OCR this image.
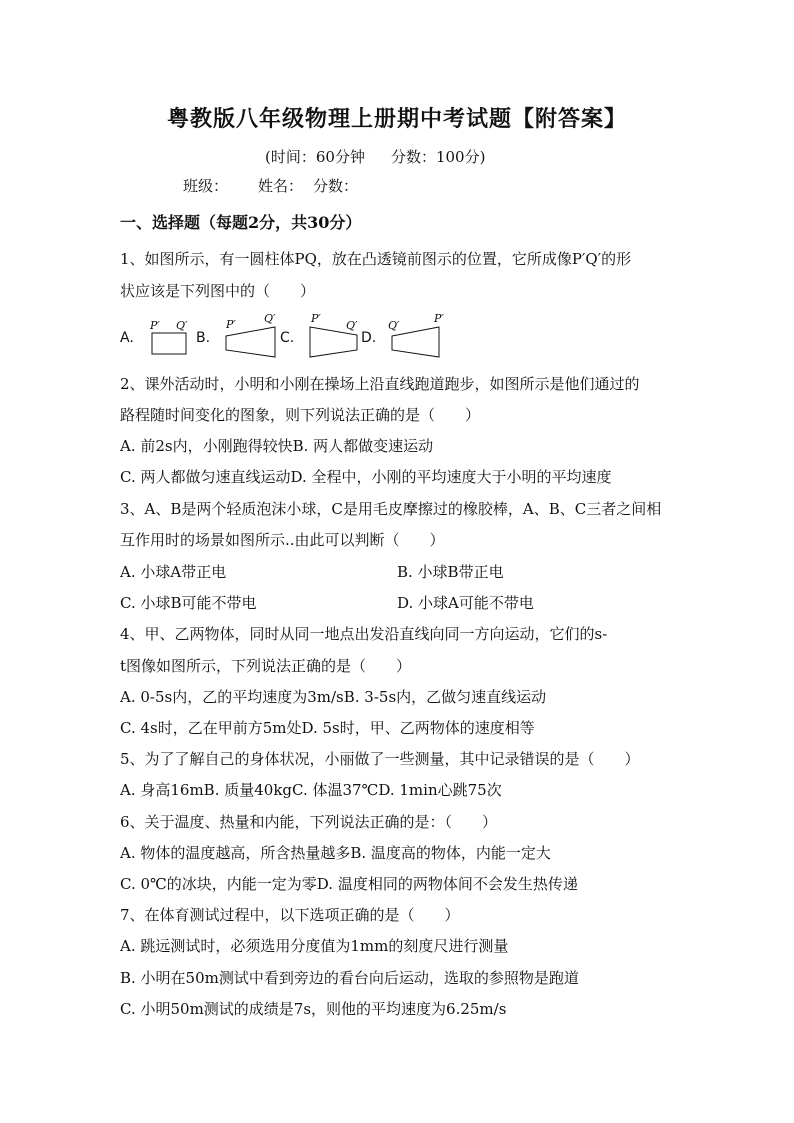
粤教版八年级物理上册期中考试题【附答案】
(时间：60分钟 分数：100分)
班级： 姓名： 分数：
一、选择题（每题2分，共30分）
1、如图所示，有一圆柱体PQ，放在凸透镜前图示的位置，它所成像P′Q′的形
状应该是下列图中的（　　）
A.
P′ Q′
B.
P′	Q′
C.
P′
Q′
D.
Q′
P′
2、课外活动时，小明和小刚在操场上沿直线跑道跑步，如图所示是他们通过的
路程随时间变化的图象，则下列说法正确的是（　　）
A. 前2s内，小刚跑得较快B. 两人都做变速运动
C. 两人都做匀速直线运动D. 全程中，小刚的平均速度大于小明的平均速度
3、A、B是两个轻质泡沫小球，C是用毛皮摩擦过的橡胶棒，A、B、C三者之间相
互作用时的场景如图所示..由此可以判断（　　）
A. 小球A带正电	B. 小球B带正电
C. 小球B可能不带电	D. 小球A可能不带电
4、甲、乙两物体，同时从同一地点出发沿直线向同一方向运动，它们的s-
t图像如图所示，下列说法正确的是（　　）
A. 0-5s内，乙的平均速度为3m/sB. 3-5s内，乙做匀速直线运动
C. 4s时，乙在甲前方5m处D. 5s时，甲、乙两物体的速度相等
5、为了了解自己的身体状况，小丽做了一些测量，其中记录错误的是（　　）
A. 身高16mB. 质量40kgC. 体温37℃D. 1min心跳75次
6、关于温度、热量和内能，下列说法正确的是：（　　）
A. 物体的温度越高，所含热量越多B. 温度高的物体，内能一定大
C. 0℃的冰块，内能一定为零D. 温度相同的两物体间不会发生热传递
7、在体育测试过程中，以下选项正确的是（　　）
A. 跳远测试时，必须选用分度值为1mm的刻度尺进行测量
B. 小明在50m测试中看到旁边的看台向后运动，选取的参照物是跑道
C. 小明50m测试的成绩是7s，则他的平均速度为6.25m/s
